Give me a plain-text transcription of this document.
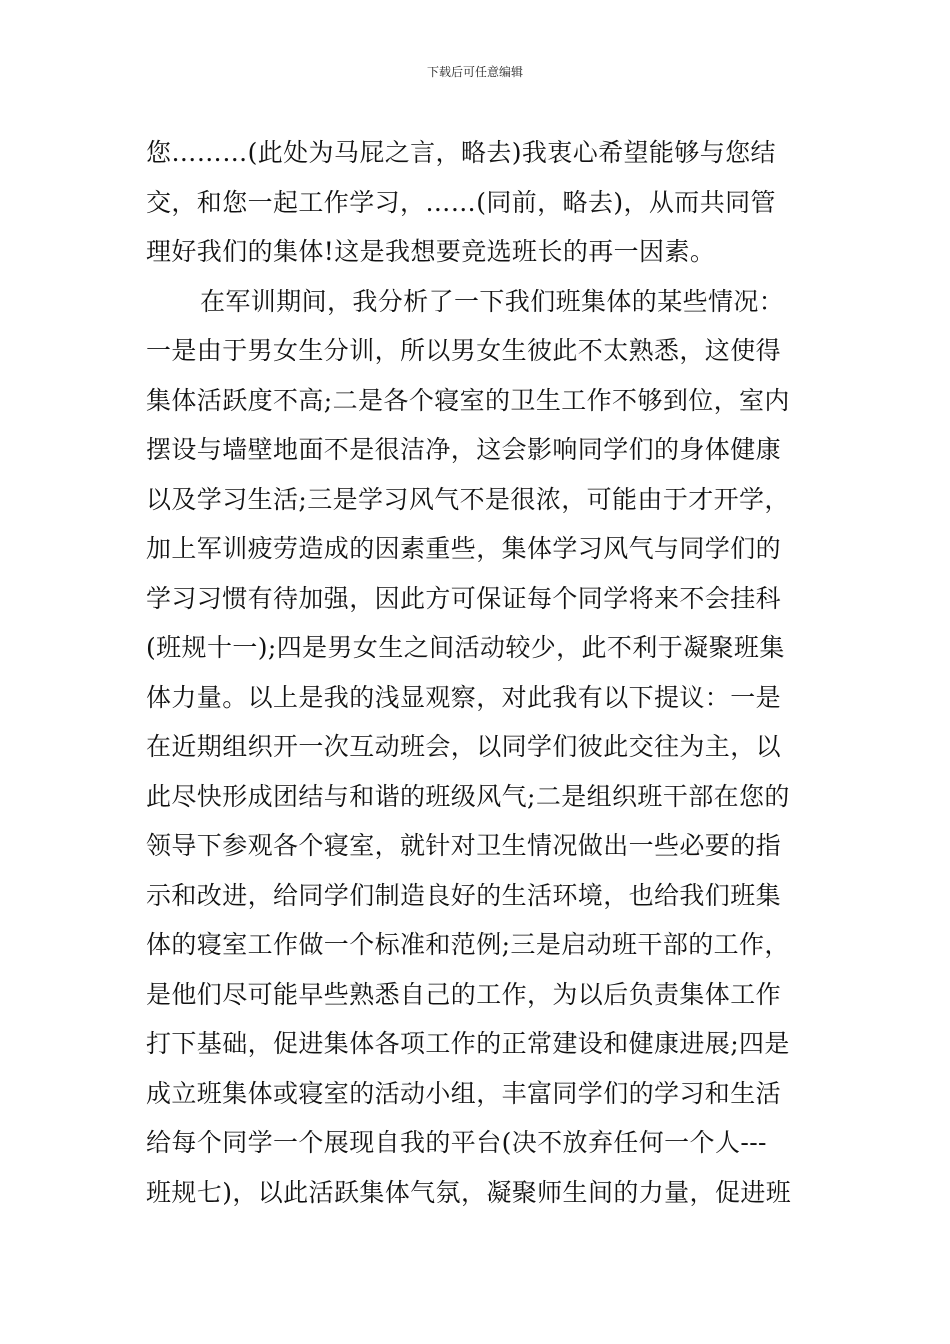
下载后可任意编辑
您………(此处为马屁之言，略去)我衷心希望能够与您结
交，和您一起工作学习，……(同前，略去)，从而共同管
理好我们的集体!这是我想要竞选班长的再一因素。
在军训期间，我分析了一下我们班集体的某些情况：
一是由于男女生分训，所以男女生彼此不太熟悉，这使得
集体活跃度不高;二是各个寝室的卫生工作不够到位，室内
摆设与墙壁地面不是很洁净，这会影响同学们的身体健康
以及学习生活;三是学习风气不是很浓，可能由于才开学，
加上军训疲劳造成的因素重些，集体学习风气与同学们的
学习习惯有待加强，因此方可保证每个同学将来不会挂科
(班规十一);四是男女生之间活动较少，此不利于凝聚班集
体力量。以上是我的浅显观察，对此我有以下提议：一是
在近期组织开一次互动班会，以同学们彼此交往为主，以
此尽快形成团结与和谐的班级风气;二是组织班干部在您的
领导下参观各个寝室，就针对卫生情况做出一些必要的指
示和改进，给同学们制造良好的生活环境，也给我们班集
体的寝室工作做一个标准和范例;三是启动班干部的工作，
是他们尽可能早些熟悉自己的工作，为以后负责集体工作
打下基础，促进集体各项工作的正常建设和健康进展;四是
成立班集体或寝室的活动小组，丰富同学们的学习和生活
给每个同学一个展现自我的平台(决不放弃任何一个人---
班规七)，以此活跃集体气氛，凝聚师生间的力量，促进班
